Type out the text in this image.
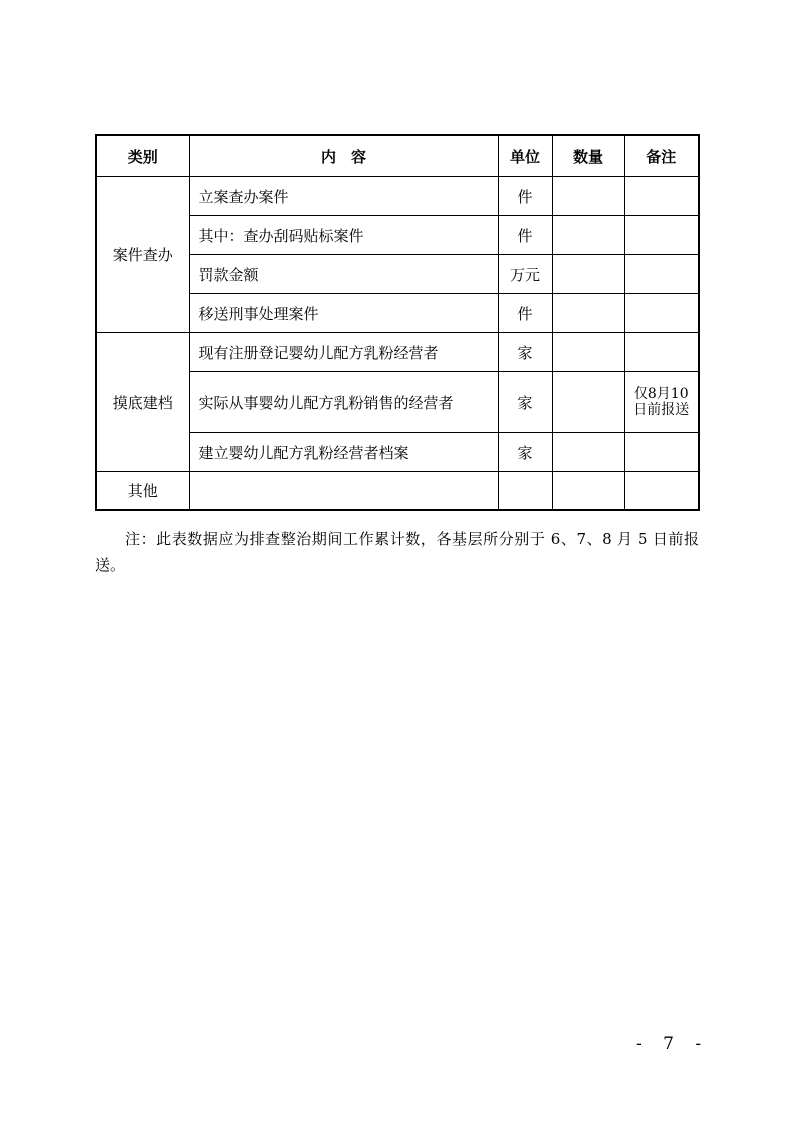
类别	内　容	单位	数量	备注
案件查办	立案查办案件	件		
	其中：查办刮码贴标案件	件		
	罚款金额	万元		
	移送刑事处理案件	件		
摸底建档	现有注册登记婴幼儿配方乳粉经营者	家		
	实际从事婴幼儿配方乳粉销售的经营者	家		仅8月10日前报送
	建立婴幼儿配方乳粉经营者档案	家		
其他				

注：此表数据应为排查整治期间工作累计数，各基层所分别于 6、7、8 月 5 日前报送。

- 7 -
